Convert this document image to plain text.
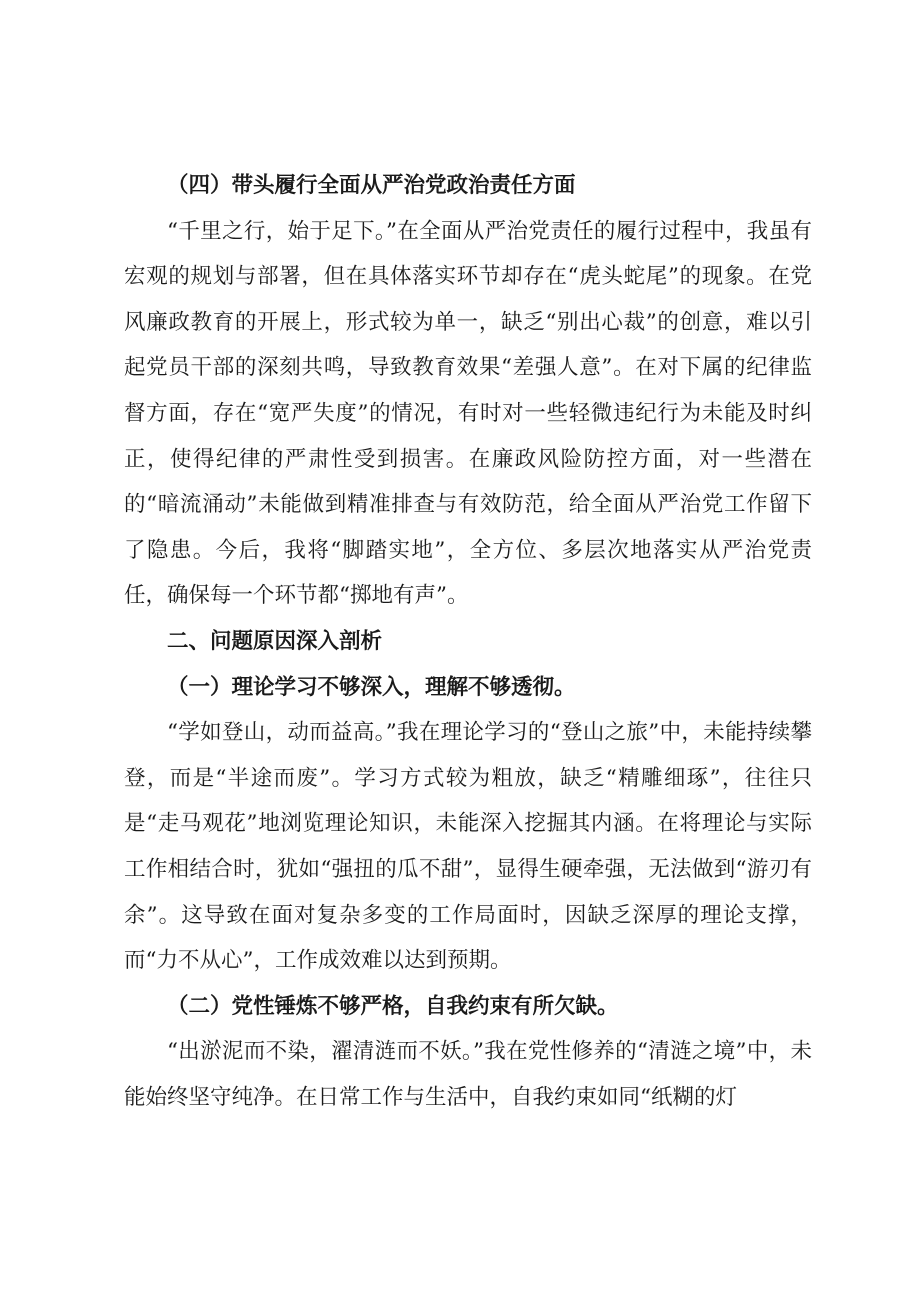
（四）带头履行全面从严治党政治责任方面

“千里之行，始于足下。”在全面从严治党责任的履行过程中，我虽有宏观的规划与部署，但在具体落实环节却存在“虎头蛇尾”的现象。在党风廉政教育的开展上，形式较为单一，缺乏“别出心裁”的创意，难以引起党员干部的深刻共鸣，导致教育效果“差强人意”。在对下属的纪律监督方面，存在“宽严失度”的情况，有时对一些轻微违纪行为未能及时纠正，使得纪律的严肃性受到损害。在廉政风险防控方面，对一些潜在的“暗流涌动”未能做到精准排查与有效防范，给全面从严治党工作留下了隐患。今后，我将“脚踏实地”，全方位、多层次地落实从严治党责任，确保每一个环节都“掷地有声”。

二、问题原因深入剖析

（一）理论学习不够深入，理解不够透彻。

“学如登山，动而益高。”我在理论学习的“登山之旅”中，未能持续攀登，而是“半途而废”。学习方式较为粗放，缺乏“精雕细琢”，往往只是“走马观花”地浏览理论知识，未能深入挖掘其内涵。在将理论与实际工作相结合时，犹如“强扭的瓜不甜”，显得生硬牵强，无法做到“游刃有余”。这导致在面对复杂多变的工作局面时，因缺乏深厚的理论支撑，而“力不从心”，工作成效难以达到预期。

（二）党性锤炼不够严格，自我约束有所欠缺。

“出淤泥而不染，濯清涟而不妖。”我在党性修养的“清涟之境”中，未能始终坚守纯净。在日常工作与生活中，自我约束如同“纸糊的灯
